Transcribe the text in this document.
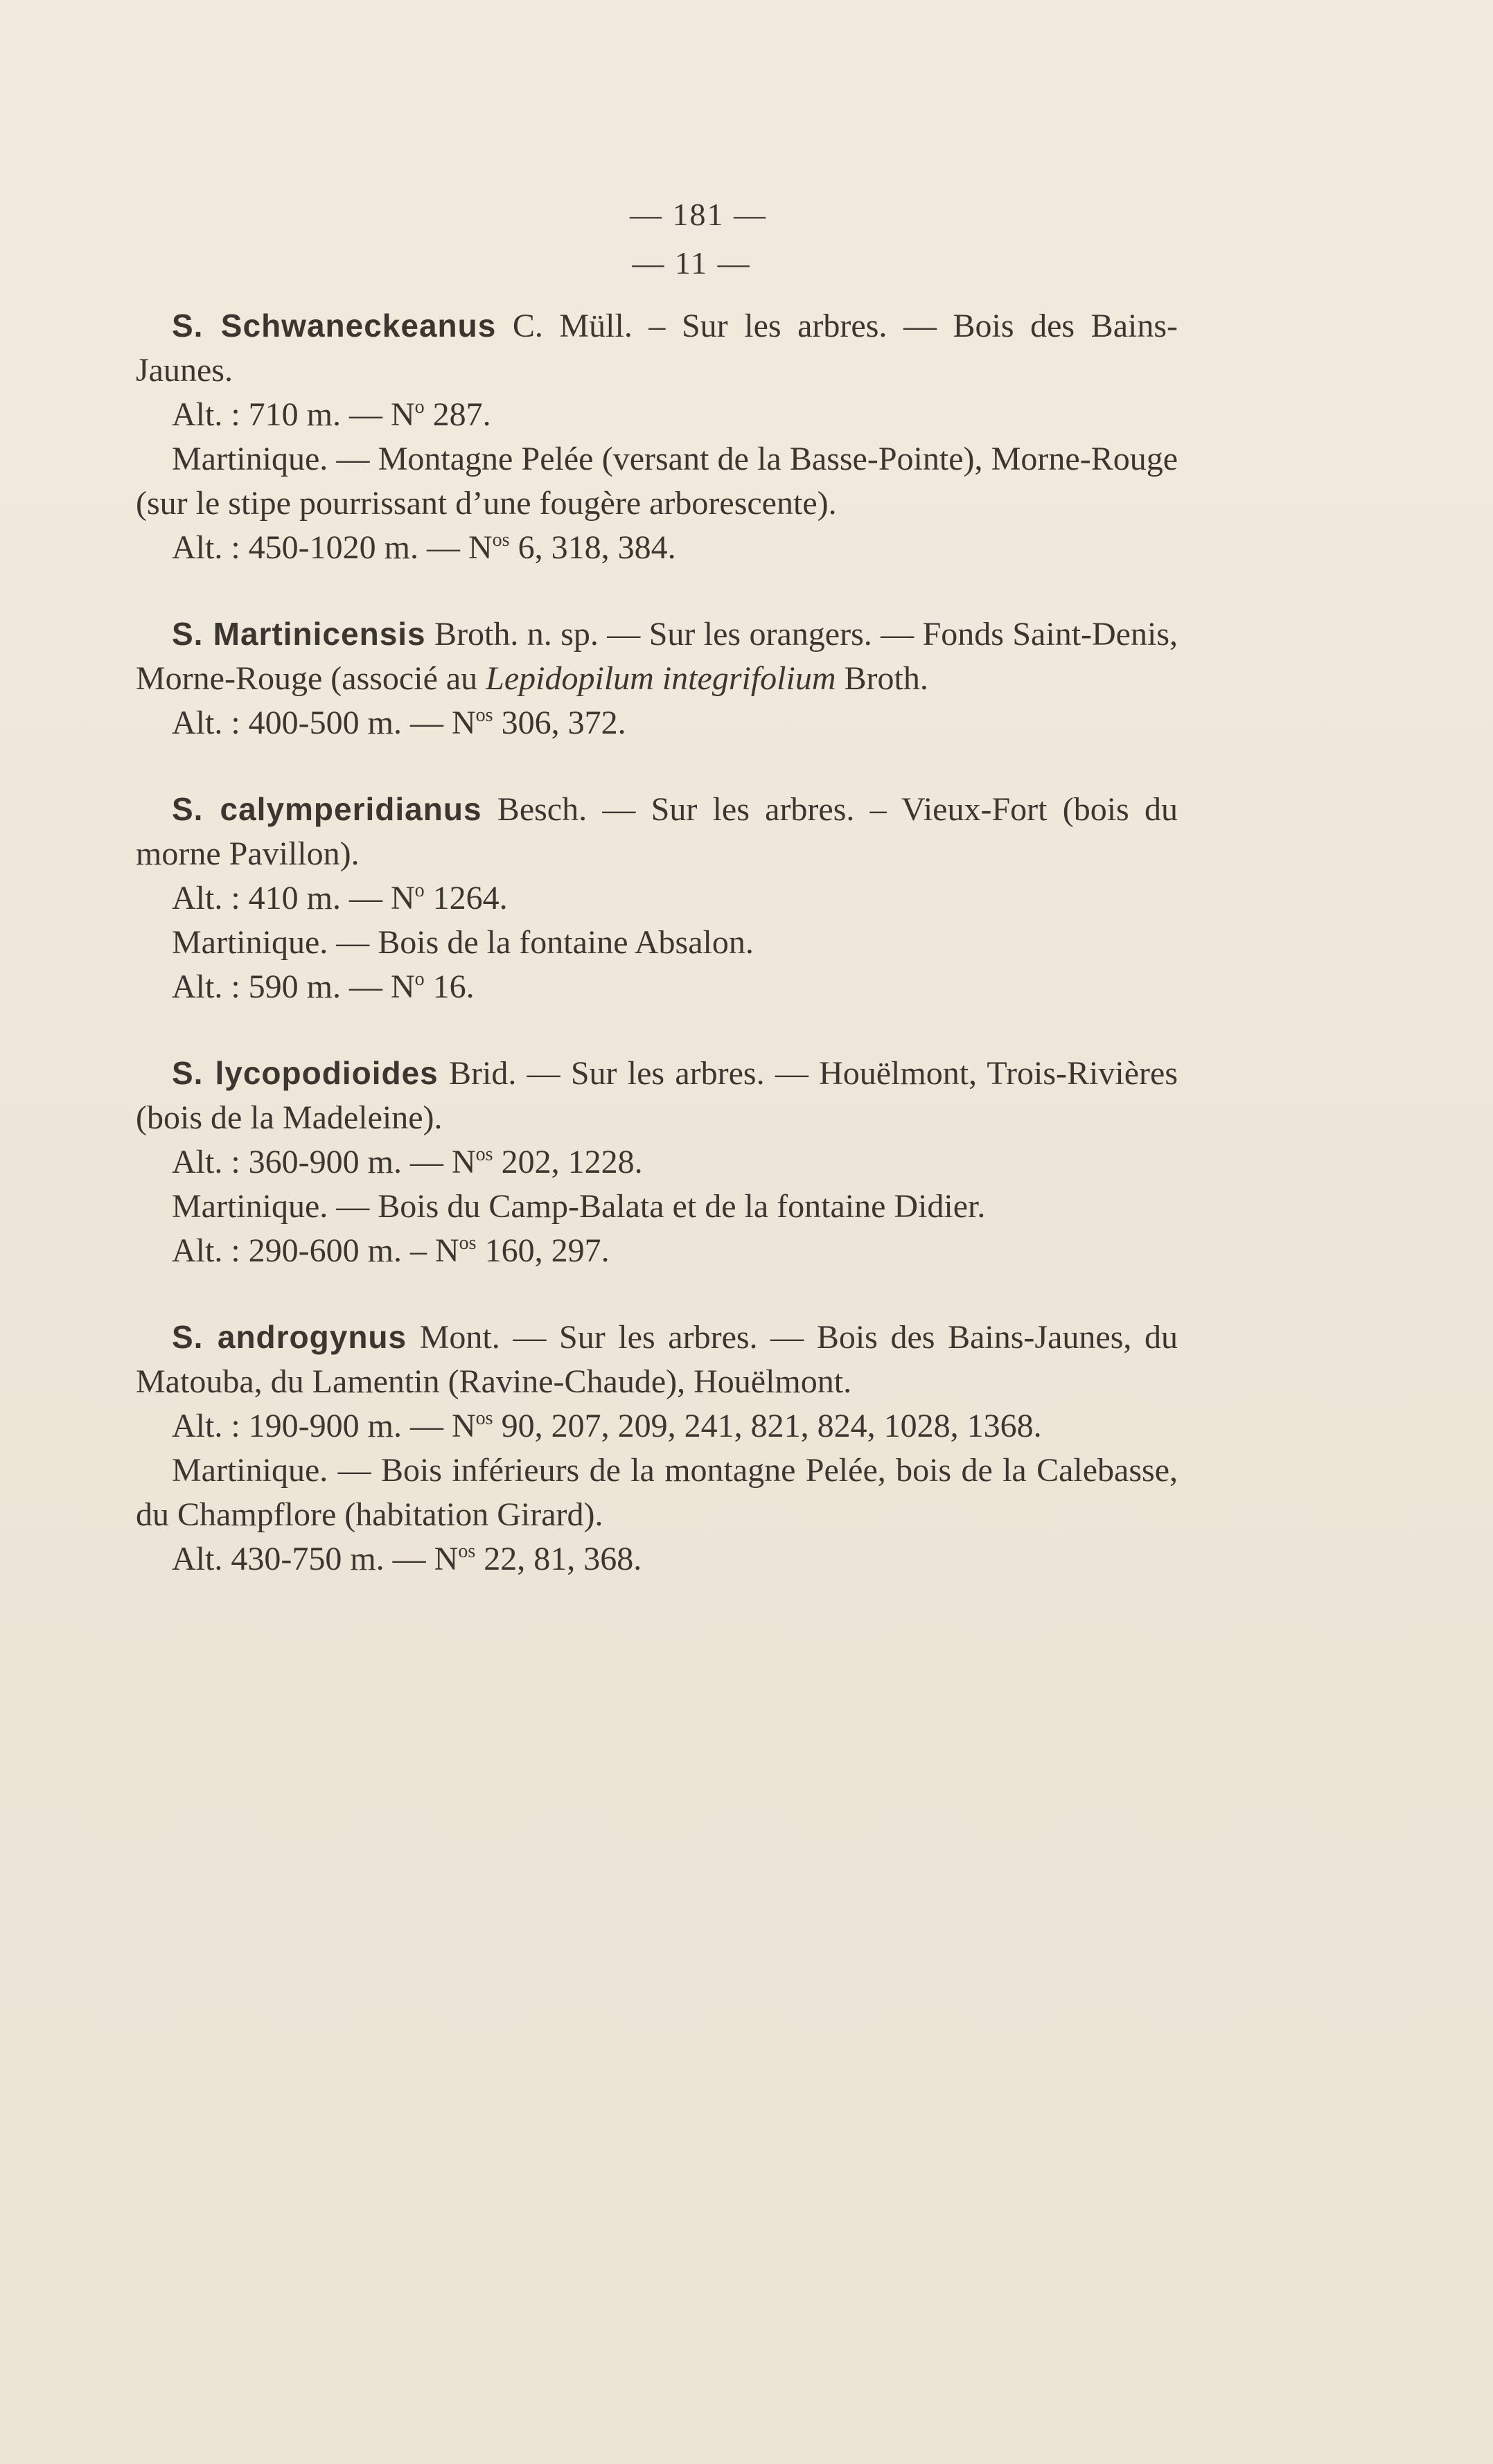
— 181 —
— 11 —

S. Schwaneckeanus C. Müll. – Sur les arbres. — Bois des Bains-Jaunes.

Alt. : 710 m. — $N^o$ 287.

Martinique. — Montagne Pelée (versant de la Basse-Pointe), Morne-Rouge (sur le stipe pourrissant d’une fougère arborescente).

Alt. : 450-1020 m. — $N^{os}$ 6, 318, 384.

S. Martinicensis Broth. n. sp. — Sur les orangers. — Fonds Saint-Denis, Morne-Rouge (associé au Lepidopilum integrifolium Broth.

Alt. : 400-500 m. — $N^{os}$ 306, 372.

S. calymperidianus Besch. — Sur les arbres. – Vieux-Fort (bois du morne Pavillon).

Alt. : 410 m. — $N^o$ 1264.

Martinique. — Bois de la fontaine Absalon.

Alt. : 590 m. — $N^o$ 16.

S. lycopodioides Brid. — Sur les arbres. — Houëlmont, Trois-Rivières (bois de la Madeleine).

Alt. : 360-900 m. — $N^{os}$ 202, 1228.

Martinique. — Bois du Camp-Balata et de la fontaine Didier.

Alt. : 290-600 m. – $N^{os}$ 160, 297.

S. androgynus Mont. — Sur les arbres. — Bois des Bains-Jaunes, du Matouba, du Lamentin (Ravine-Chaude), Houëlmont.

Alt. : 190-900 m. — $N^{os}$ 90, 207, 209, 241, 821, 824, 1028, 1368.

Martinique. — Bois inférieurs de la montagne Pelée, bois de la Calebasse, du Champflore (habitation Girard).

Alt. 430-750 m. — $N^{os}$ 22, 81, 368.
